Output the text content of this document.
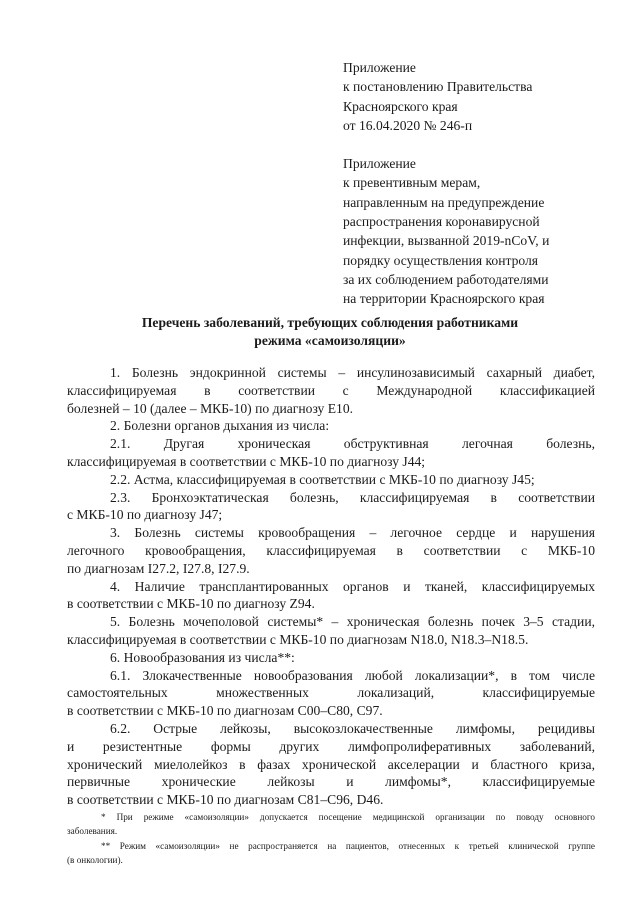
Приложение
к постановлению Правительства
Красноярского края
от 16.04.2020 № 246-п
Приложение
к превентивным мерам,
направленным на предупреждение
распространения коронавирусной
инфекции, вызванной 2019-nCoV, и
порядку осуществления контроля
за их соблюдением работодателями
на территории Красноярского края
Перечень заболеваний, требующих соблюдения работниками
режима «самоизоляции»

1. Болезнь эндокринной системы – инсулинозависимый сахарный диабет,
классифицируемая в соответствии с Международной классификацией
болезней – 10 (далее – МКБ-10) по диагнозу E10.

2. Болезни органов дыхания из числа:

2.1. Другая хроническая обструктивная легочная болезнь,
классифицируемая в соответствии с МКБ-10 по диагнозу J44;

2.2. Астма, классифицируемая в соответствии с МКБ-10 по диагнозу J45;

2.3. Бронхоэктатическая болезнь, классифицируемая в соответствии
с МКБ-10 по диагнозу J47;

3. Болезнь системы кровообращения – легочное сердце и нарушения
легочного кровообращения, классифицируемая в соответствии с МКБ-10
по диагнозам I27.2, I27.8, I27.9.

4. Наличие трансплантированных органов и тканей, классифицируемых
в соответствии с МКБ-10 по диагнозу Z94.

5. Болезнь мочеполовой системы* – хроническая болезнь почек 3–5 стадии,
классифицируемая в соответствии с МКБ-10 по диагнозам N18.0, N18.3–N18.5.

6. Новообразования из числа**:

6.1. Злокачественные новообразования любой локализации*, в том числе
самостоятельных множественных локализаций, классифицируемые
в соответствии с МКБ-10 по диагнозам C00–C80, C97.

6.2. Острые лейкозы, высокозлокачественные лимфомы, рецидивы
и резистентные формы других лимфопролиферативных заболеваний,
хронический миелолейкоз в фазах хронической акселерации и бластного криза,
первичные хронические лейкозы и лимфомы*, классифицируемые
в соответствии с МКБ-10 по диагнозам C81–C96, D46.

* При режиме «самоизоляции» допускается посещение медицинской организации по поводу основного
заболевания.

** Режим «самоизоляции» не распространяется на пациентов, отнесенных к третьей клинической группе
(в онкологии).
